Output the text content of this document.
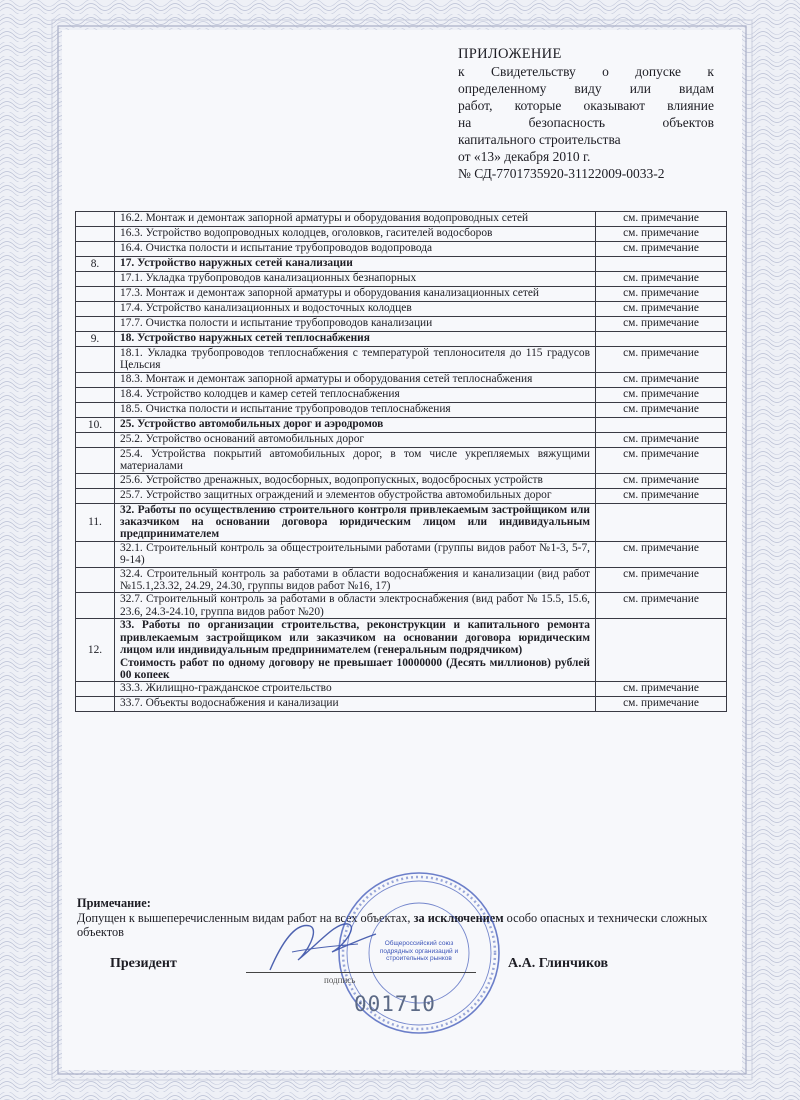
ПРИЛОЖЕНИЕ
к Свидетельству о допуске к
определенному виду или видам
работ, которые оказывают влияние
на безопасность объектов
капитального строительства
от «13» декабря 2010 г.
№ СД-7701735920-31122009-0033-2

	16.2. Монтаж и демонтаж запорной арматуры и оборудования водопроводных сетей	см. примечание

	16.3. Устройство водопроводных колодцев, оголовков, гасителей водосборов	см. примечание

	16.4. Очистка полости и испытание трубопроводов водопровода	см. примечание
8.	17. Устройство наружных сетей канализации	

	17.1. Укладка трубопроводов канализационных безнапорных	см. примечание

	17.3. Монтаж и демонтаж запорной арматуры и оборудования канализационных сетей	см. примечание

	17.4. Устройство канализационных и водосточных колодцев	см. примечание

	17.7. Очистка полости и испытание трубопроводов канализации	см. примечание
9.	18. Устройство наружных сетей теплоснабжения	

	18.1. Укладка трубопроводов теплоснабжения с температурой теплоносителя до 115 градусов Цельсия	см. примечание

	18.3. Монтаж и демонтаж запорной арматуры и оборудования сетей теплоснабжения	см. примечание

	18.4. Устройство колодцев и камер сетей теплоснабжения	см. примечание

	18.5. Очистка полости и испытание трубопроводов теплоснабжения	см. примечание
10.	25. Устройство автомобильных дорог и аэродромов	

	25.2. Устройство оснований автомобильных дорог	см. примечание

	25.4. Устройства покрытий автомобильных дорог, в том числе укрепляемых вяжущими материалами	см. примечание

	25.6. Устройство дренажных, водосборных, водопропускных, водосбросных устройств	см. примечание

	25.7. Устройство защитных ограждений и элементов обустройства автомобильных дорог	см. примечание
11.	32. Работы по осуществлению строительного контроля привлекаемым застройщиком или заказчиком на основании договора юридическим лицом или индивидуальным предпринимателем	

	32.1. Строительный контроль за общестроительными работами (группы видов работ №1-3, 5-7, 9-14)	см. примечание

	32.4. Строительный контроль за работами в области водоснабжения и канализации (вид работ №15.1,23.32, 24.29, 24.30, группы видов работ №16, 17)	см. примечание

	32.7. Строительный контроль за работами в области электроснабжения (вид работ № 15.5, 15.6, 23.6, 24.3-24.10, группа видов работ №20)	см. примечание
12.	33. Работы по организации строительства, реконструкции и капитального ремонта привлекаемым застройщиком или заказчиком на основании договора юридическим лицом или индивидуальным предпринимателем (генеральным подрядчиком)
Стоимость работ по одному договору не превышает 10000000 (Десять миллионов) рублей 00 копеек	

	33.3. Жилищно-гражданское строительство	см. примечание

	33.7. Объекты водоснабжения и канализации	см. примечание
Примечание:
Допущен к вышеперечисленным видам работ на всех объектах, за исключением особо опасных и технически сложных объектов
Общероссийский союз подрядных организаций и строительных рынков
Президент
подпись
А.А. Глинчиков
001710
